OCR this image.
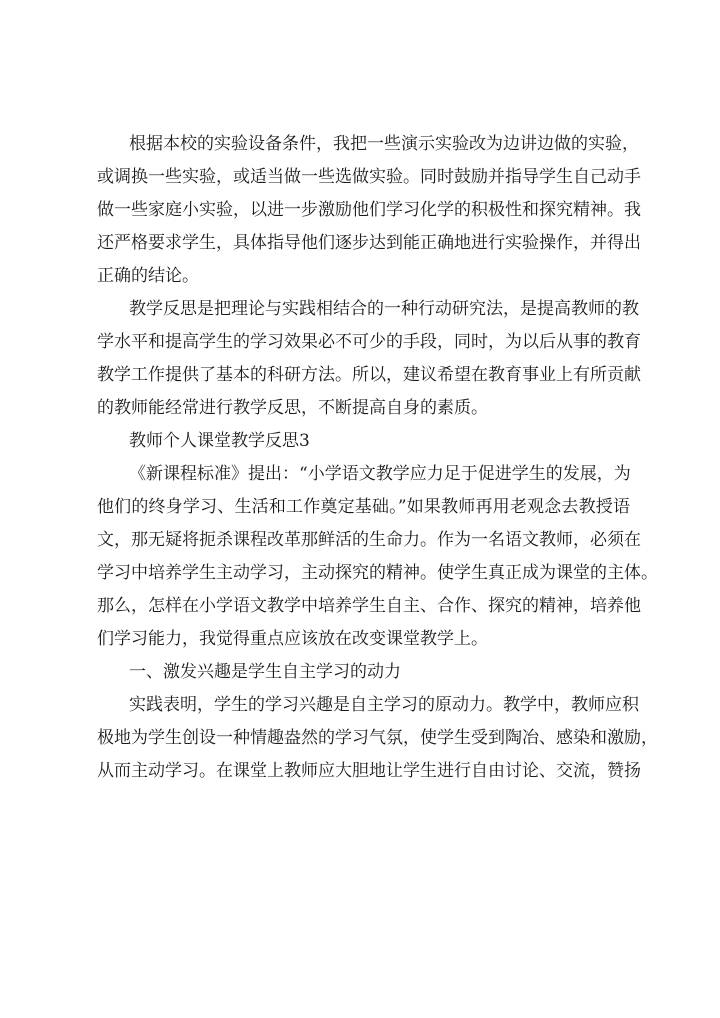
根据本校的实验设备条件，我把一些演示实验改为边讲边做的实验，
或调换一些实验，或适当做一些选做实验。同时鼓励并指导学生自己动手
做一些家庭小实验，以进一步激励他们学习化学的积极性和探究精神。我
还严格要求学生，具体指导他们逐步达到能正确地进行实验操作，并得出
正确的结论。
教学反思是把理论与实践相结合的一种行动研究法，是提高教师的教
学水平和提高学生的学习效果必不可少的手段，同时，为以后从事的教育
教学工作提供了基本的科研方法。所以，建议希望在教育事业上有所贡献
的教师能经常进行教学反思，不断提高自身的素质。
教师个人课堂教学反思3
《新课程标准》提出：“小学语文教学应力足于促进学生的发展，为
他们的终身学习、生活和工作奠定基础。”如果教师再用老观念去教授语
文，那无疑将扼杀课程改革那鲜活的生命力。作为一名语文教师，必须在
学习中培养学生主动学习，主动探究的精神。使学生真正成为课堂的主体。
那么，怎样在小学语文教学中培养学生自主、合作、探究的精神，培养他
们学习能力，我觉得重点应该放在改变课堂教学上。
一、激发兴趣是学生自主学习的动力
实践表明，学生的学习兴趣是自主学习的原动力。教学中，教师应积
极地为学生创设一种情趣盎然的学习气氛，使学生受到陶冶、感染和激励，
从而主动学习。在课堂上教师应大胆地让学生进行自由讨论、交流，赞扬
